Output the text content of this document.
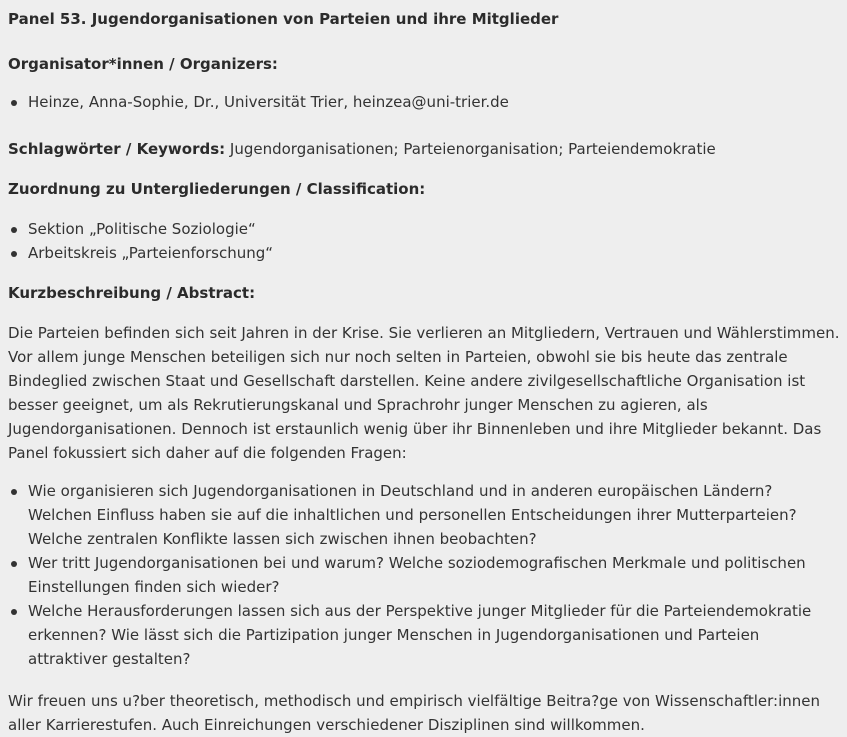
Panel 53. Jugendorganisationen von Parteien und ihre Mitglieder
Organisator*innen / Organizers:
Heinze, Anna-Sophie, Dr., Universität Trier, heinzea@uni-trier.de

Schlagwörter / Keywords: Jugendorganisationen; Parteienorganisation; Parteiendemokratie

Zuordnung zu Untergliederungen / Classification:
Sektion „Politische Soziologie“
Arbeitskreis „Parteienforschung“
Kurzbeschreibung / Abstract:

Die Parteien befinden sich seit Jahren in der Krise. Sie verlieren an Mitgliedern, Vertrauen und Wählerstimmen. Vor allem junge Menschen beteiligen sich nur noch selten in Parteien, obwohl sie bis heute das zentrale Bindeglied zwischen Staat und Gesellschaft darstellen. Keine andere zivilgesellschaftliche Organisation ist besser geeignet, um als Rekrutierungskanal und Sprachrohr junger Menschen zu agieren, als Jugendorganisationen. Dennoch ist erstaunlich wenig über ihr Binnenleben und ihre Mitglieder bekannt. Das Panel fokussiert sich daher auf die folgenden Fragen:

Wie organisieren sich Jugendorganisationen in Deutschland und in anderen europäischen Ländern? Welchen Einfluss haben sie auf die inhaltlichen und personellen Entscheidungen ihrer Mutterparteien? Welche zentralen Konflikte lassen sich zwischen ihnen beobachten?
Wer tritt Jugendorganisationen bei und warum? Welche soziodemografischen Merkmale und politischen Einstellungen finden sich wieder?
Welche Herausforderungen lassen sich aus der Perspektive junger Mitglieder für die Parteiendemokratie erkennen? Wie lässt sich die Partizipation junger Menschen in Jugendorganisationen und Parteien attraktiver gestalten?

Wir freuen uns u?ber theoretisch, methodisch und empirisch vielfältige Beitra?ge von Wissenschaftler:innen aller Karrierestufen. Auch Einreichungen verschiedener Disziplinen sind willkommen.
